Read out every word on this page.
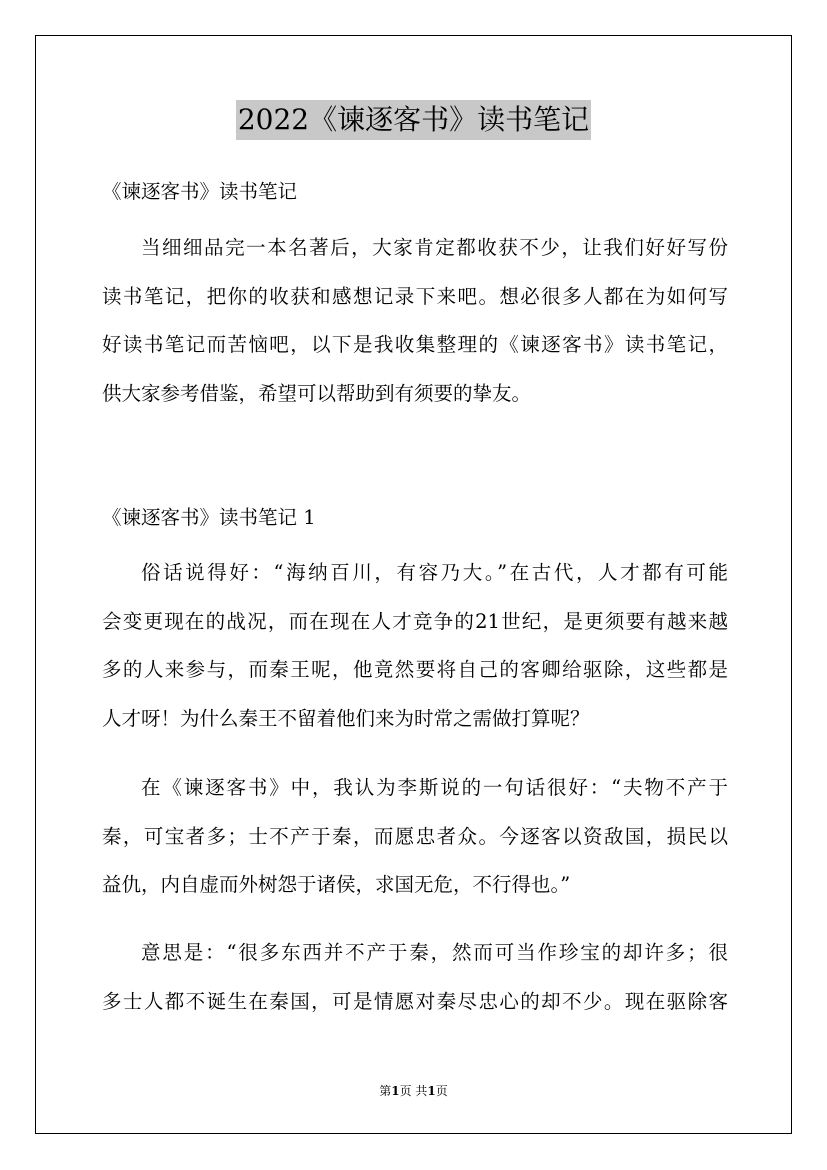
2022《谏逐客书》读书笔记
《谏逐客书》读书笔记
当细细品完一本名著后，大家肯定都收获不少，让我们好好写份
读书笔记，把你的收获和感想记录下来吧。想必很多人都在为如何写
好读书笔记而苦恼吧，以下是我收集整理的《谏逐客书》读书笔记，
供大家参考借鉴，希望可以帮助到有须要的挚友。
《谏逐客书》读书笔记 1
俗话说得好：“海纳百川，有容乃大。”在古代，人才都有可能
会变更现在的战况，而在现在人才竞争的21世纪，是更须要有越来越
多的人来参与，而秦王呢，他竟然要将自己的客卿给驱除，这些都是
人才呀！为什么秦王不留着他们来为时常之需做打算呢？
在《谏逐客书》中，我认为李斯说的一句话很好：“夫物不产于
秦，可宝者多；士不产于秦，而愿忠者众。今逐客以资敌国，损民以
益仇，内自虚而外树怨于诸侯，求国无危，不行得也。”
意思是：“很多东西并不产于秦，然而可当作珍宝的却许多；很
多士人都不诞生在秦国，可是情愿对秦尽忠心的却不少。现在驱除客
第1页 共1页
